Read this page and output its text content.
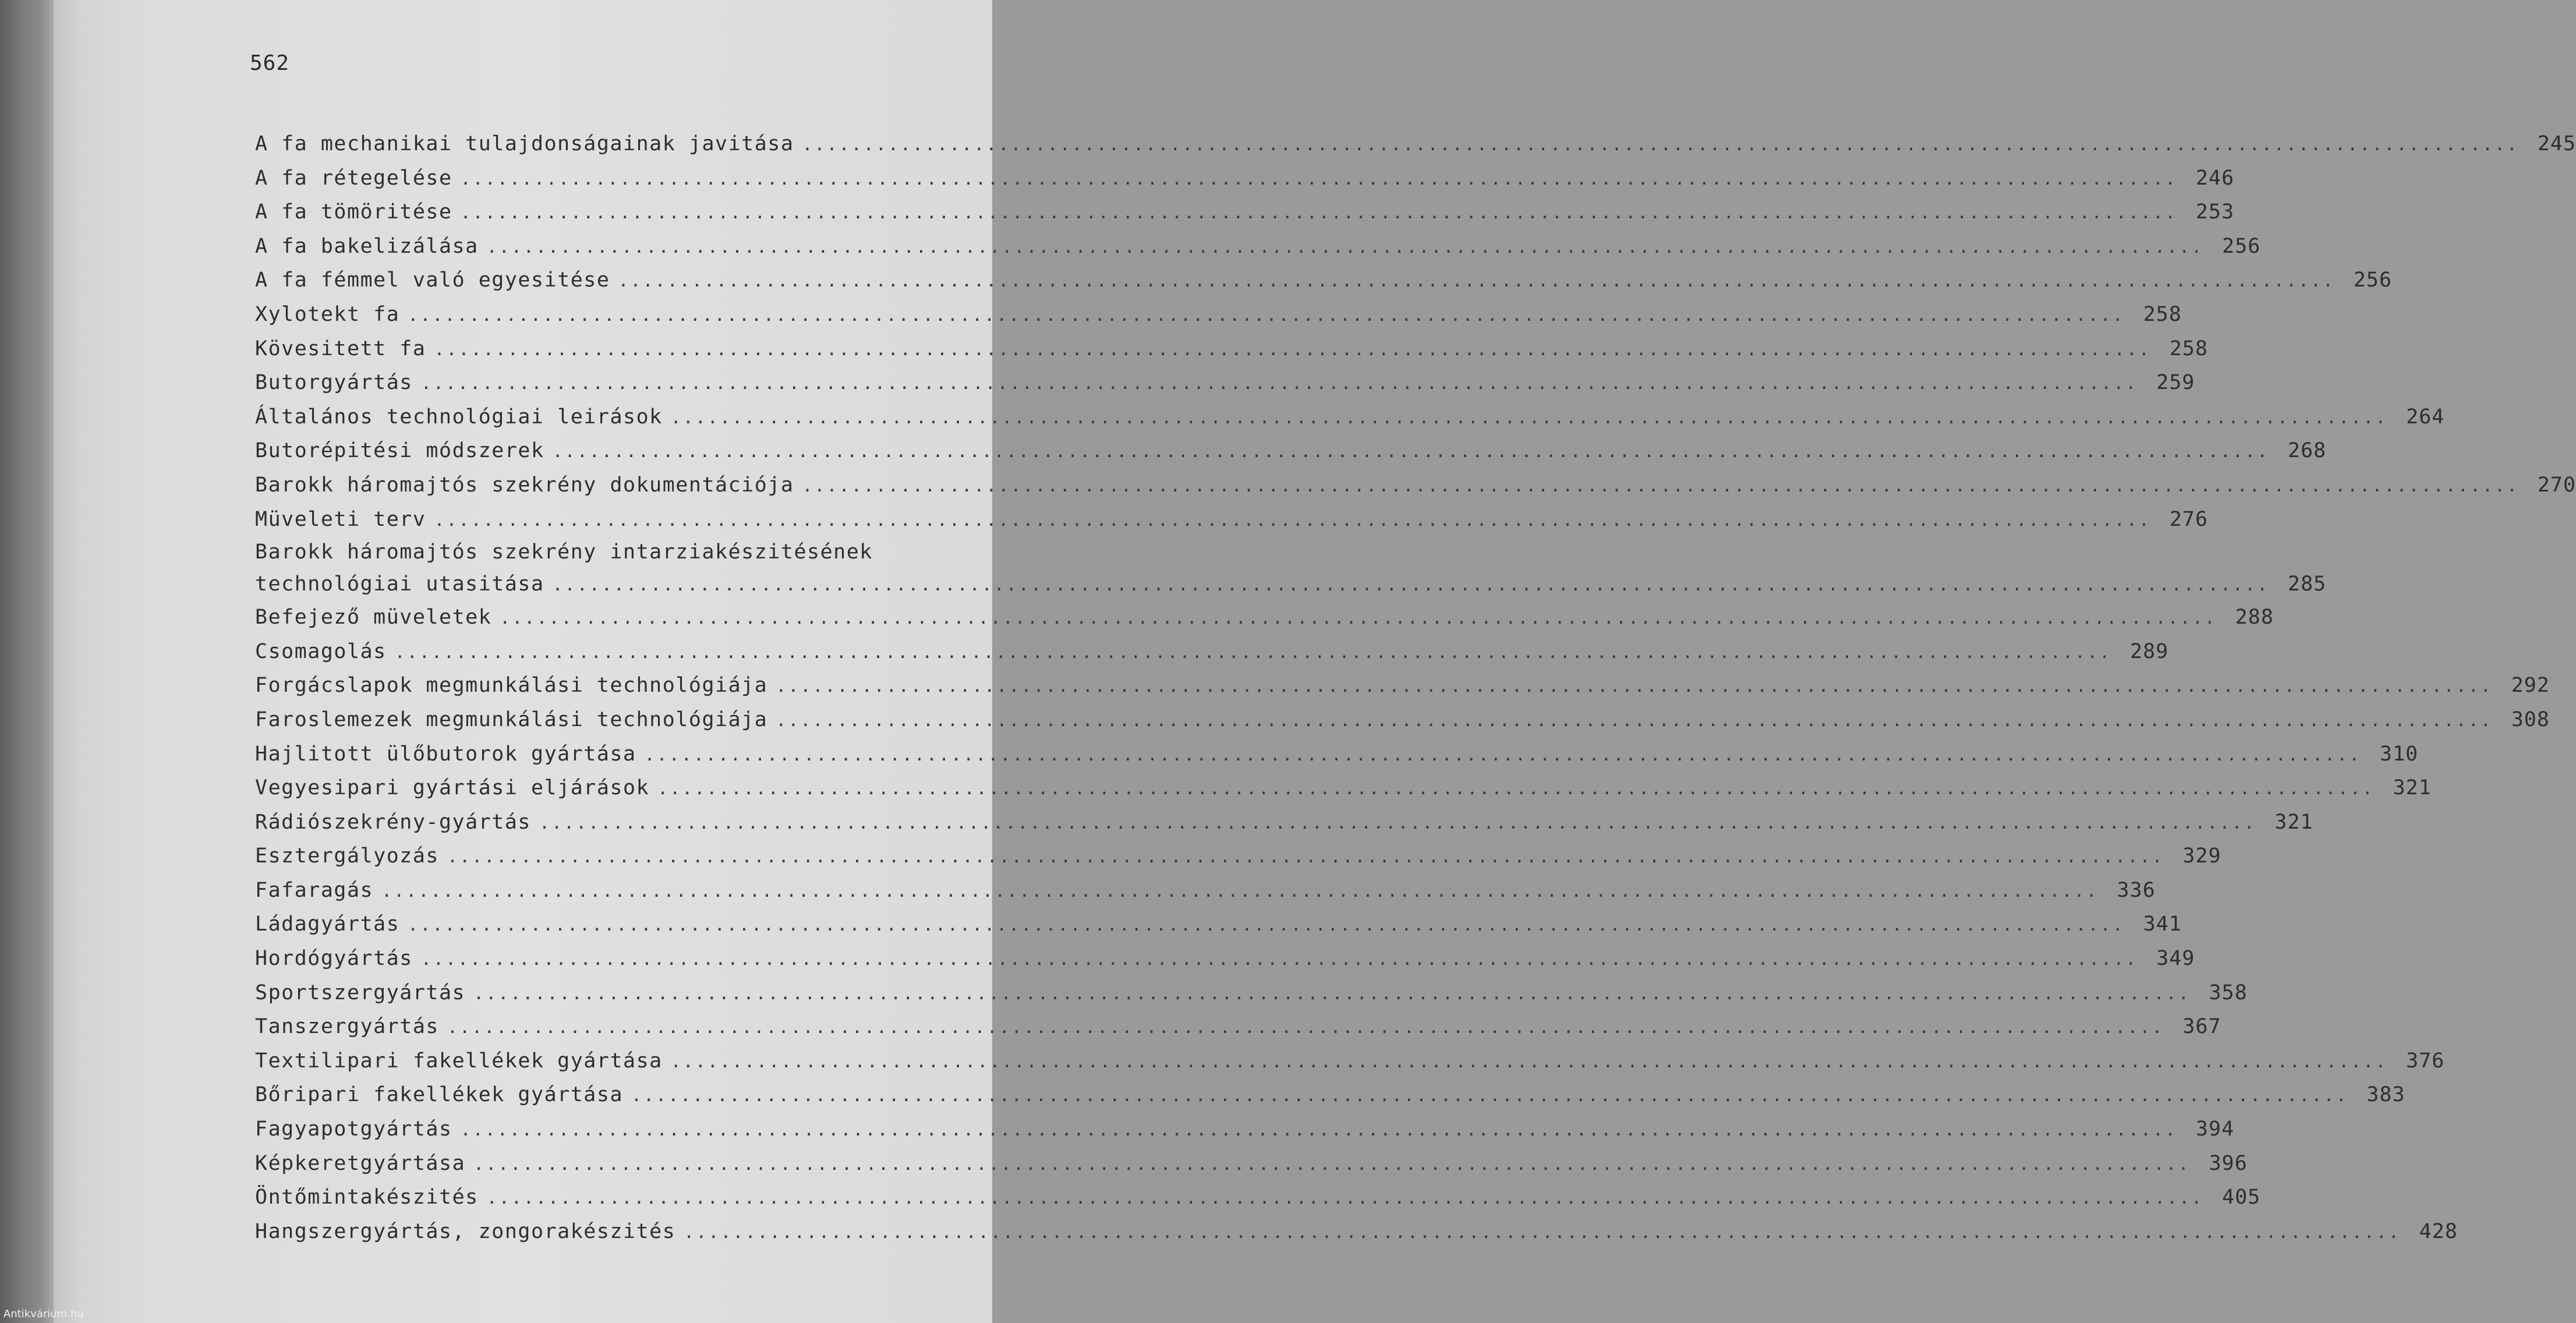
562
A fa mechanikai tulajdonságainak javitása .....	245
A fa rétegelése .....	246
A fa tömöritése .....	253
A fa bakelizálása .....	256
A fa fémmel való egyesitése .....	256
Xylotekt fa .....	258
Kövesitett fa .....	258
Butorgyártás .....	259
Általános technológiai leirások .....	264
Butorépitési módszerek .....	268
Barokk háromajtós szekrény dokumentációja .....	270
Müveleti terv .....	276
Barokk háromajtós szekrény intarziakészitésének
technológiai utasitása .....	285
Befejező müveletek .....	288
Csomagolás .....	289
Forgácslapok megmunkálási technológiája .....	292
Faroslemezek megmunkálási technológiája .....	308
Hajlitott ülőbutorok gyártása .....	310
Vegyesipari gyártási eljárások .....	321
Rádiószekrény-gyártás .....	321
Esztergályozás .....	329
Fafaragás .....	336
Ládagyártás .....	341
Hordógyártás .....	349
Sportszergyártás .....	358
Tanszergyártás .....	367
Textilipari fakellékek gyártása .....	376
Bőripari fakellékek gyártása .....	383
Fagyapotgyártás .....	394
Képkeretgyártása .....	396
Öntőmintakészités .....	405
Hangszergyártás, zongorakészités .....	428
Antikvárium.hu
